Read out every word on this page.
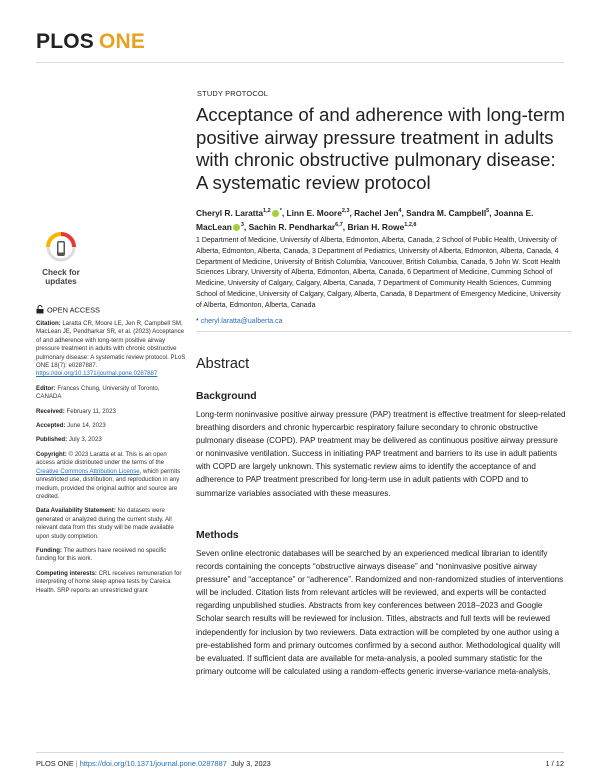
PLOS ONE
Check for
updates
OPEN ACCESS

Citation: Laratta CR, Moore LE, Jen R, Campbell SM, MacLean JE, Pendharkar SR, et al. (2023) Acceptance of and adherence with long-term positive airway pressure treatment in adults with chronic obstructive pulmonary disease: A systematic review protocol. PLoS ONE 18(7): e0287887. https://doi.org/10.1371/journal.pone.0287887

Editor: Frances Chung, University of Toronto, CANADA

Received: February 11, 2023

Accepted: June 14, 2023

Published: July 3, 2023

Copyright: © 2023 Laratta et al. This is an open access article distributed under the terms of the Creative Commons Attribution License, which permits unrestricted use, distribution, and reproduction in any medium, provided the original author and source are credited.

Data Availability Statement: No datasets were generated or analyzed during the current study. All relevant data from this study will be made available upon study completion.

Funding: The authors have received no specific funding for this work.

Competing interests: CRL receives remuneration for interpreting of home sleep apnea tests by Careica Health. SRP reports an unrestricted grant

STUDY PROTOCOL
Acceptance of and adherence with long-term positive airway pressure treatment in adults with chronic obstructive pulmonary disease: A systematic review protocol
Cheryl R. Laratta$^{1,2}$ *, Linn E. Moore$^{2,3}$, Rachel Jen$^4$, Sandra M. Campbell$^5$, Joanna E. MacLean $^3$, Sachin R. Pendharkar$^{6,7}$, Brian H. Rowe$^{1,2,8}$
1 Department of Medicine, University of Alberta, Edmonton, Alberta, Canada, 2 School of Public Health, University of Alberta, Edmonton, Alberta, Canada, 3 Department of Pediatrics, University of Alberta, Edmonton, Alberta, Canada, 4 Department of Medicine, University of British Columbia, Vancouver, British Columbia, Canada, 5 John W. Scott Health Sciences Library, University of Alberta, Edmonton, Alberta, Canada, 6 Department of Medicine, Cumming School of Medicine, University of Calgary, Calgary, Alberta, Canada, 7 Department of Community Health Sciences, Cumming School of Medicine, University of Calgary, Calgary, Alberta, Canada, 8 Department of Emergency Medicine, University of Alberta, Edmonton, Alberta, Canada
* cheryl.laratta@ualberta.ca
Abstract
Background

Long-term noninvasive positive airway pressure (PAP) treatment is effective treatment for sleep-related breathing disorders and chronic hypercarbic respiratory failure secondary to chronic obstructive pulmonary disease (COPD). PAP treatment may be delivered as continuous positive airway pressure or noninvasive ventilation. Success in initiating PAP treatment and barriers to its use in adult patients with COPD are largely unknown. This systematic review aims to identify the acceptance of and adherence to PAP treatment prescribed for long-term use in adult patients with COPD and to summarize variables associated with these measures.

Methods

Seven online electronic databases will be searched by an experienced medical librarian to identify records containing the concepts “obstructive airways disease” and “noninvasive positive airway pressure” and “acceptance” or “adherence”. Randomized and non-randomized studies of interventions will be included. Citation lists from relevant articles will be reviewed, and experts will be contacted regarding unpublished studies. Abstracts from key conferences between 2018–2023 and Google Scholar search results will be reviewed for inclusion. Titles, abstracts and full texts will be reviewed independently for inclusion by two reviewers. Data extraction will be completed by one author using a pre-established form and primary outcomes confirmed by a second author. Methodological quality will be evaluated. If sufficient data are available for meta-analysis, a pooled summary statistic for the primary outcome will be calculated using a random-effects generic inverse-variance meta-analysis,

PLOS ONE | https://doi.org/10.1371/journal.pone.0287887 July 3, 2023	1 / 12
